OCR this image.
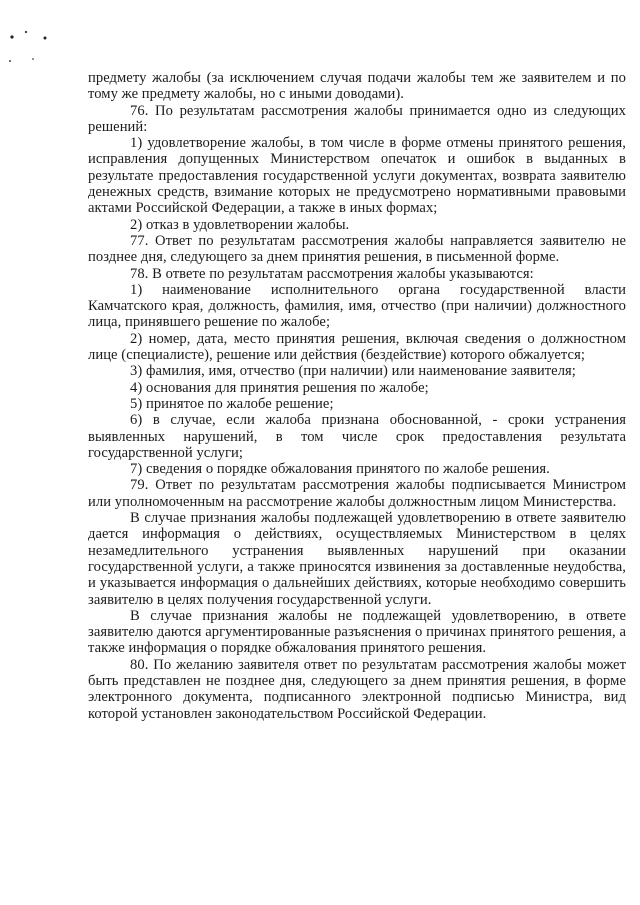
предмету жалобы (за исключением случая подачи жалобы тем же заявителем и по тому же предмету жалобы, но с иными доводами).

76. По результатам рассмотрения жалобы принимается одно из следующих решений:

1) удовлетворение жалобы, в том числе в форме отмены принятого решения, исправления допущенных Министерством опечаток и ошибок в выданных в результате предоставления государственной услуги документах, возврата заявителю денежных средств, взимание которых не предусмотрено нормативными правовыми актами Российской Федерации, а также в иных формах;

2) отказ в удовлетворении жалобы.

77. Ответ по результатам рассмотрения жалобы направляется заявителю не позднее дня, следующего за днем принятия решения, в письменной форме.

78. В ответе по результатам рассмотрения жалобы указываются:

1) наименование исполнительного органа государственной власти Камчатского края, должность, фамилия, имя, отчество (при наличии) должностного лица, принявшего решение по жалобе;

2) номер, дата, место принятия решения, включая сведения о должностном лице (специалисте), решение или действия (бездействие) которого обжалуется;

3) фамилия, имя, отчество (при наличии) или наименование заявителя;

4) основания для принятия решения по жалобе;

5) принятое по жалобе решение;

6) в случае, если жалоба признана обоснованной, - сроки устранения выявленных нарушений, в том числе срок предоставления результата государственной услуги;

7) сведения о порядке обжалования принятого по жалобе решения.

79. Ответ по результатам рассмотрения жалобы подписывается Министром или уполномоченным на рассмотрение жалобы должностным лицом Министерства.

В случае признания жалобы подлежащей удовлетворению в ответе заявителю дается информация о действиях, осуществляемых Министерством в целях незамедлительного устранения выявленных нарушений при оказании государственной услуги, а также приносятся извинения за доставленные неудобства, и указывается информация о дальнейших действиях, которые необходимо совершить заявителю в целях получения государственной услуги.

В случае признания жалобы не подлежащей удовлетворению, в ответе заявителю даются аргументированные разъяснения о причинах принятого решения, а также информация о порядке обжалования принятого решения.

80. По желанию заявителя ответ по результатам рассмотрения жалобы может быть представлен не позднее дня, следующего за днем принятия решения, в форме электронного документа, подписанного электронной подписью Министра, вид которой установлен законодательством Российской Федерации.
